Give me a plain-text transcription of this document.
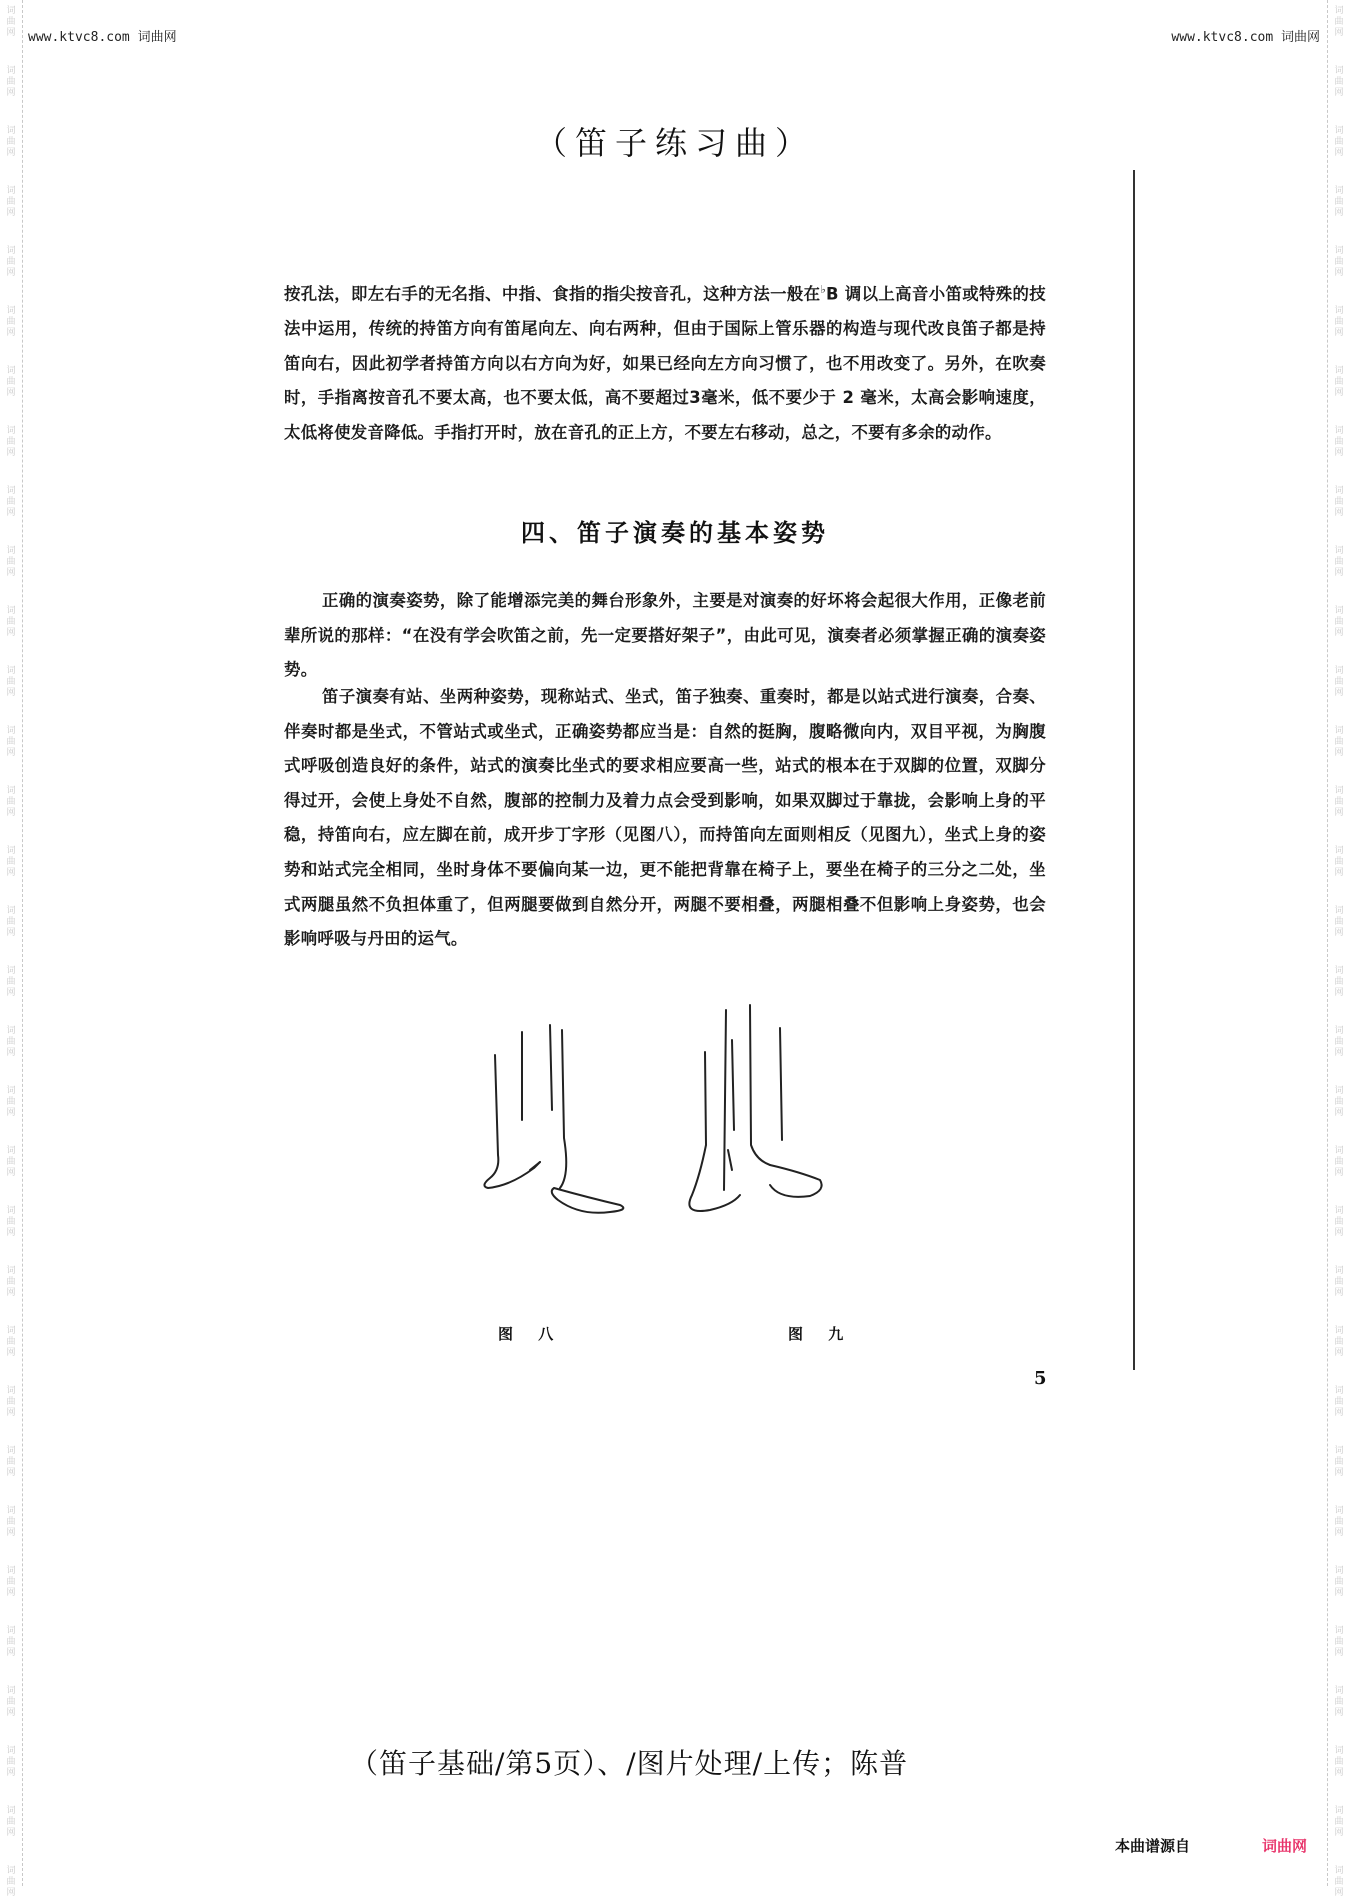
词
曲
网
词
曲
网
词
曲
网
词
曲
网
词
曲
网
词
曲
网
词
曲
网
词
曲
网
词
曲
网
词
曲
网
词
曲
网
词
曲
网
词
曲
网
词
曲
网
词
曲
网
词
曲
网
词
曲
网
词
曲
网
词
曲
网
词
曲
网
词
曲
网
词
曲
网
词
曲
网
词
曲
网
词
曲
网
词
曲
网
词
曲
网
词
曲
网
词
曲
网
词
曲
网
词
曲
网
词
曲
网
词
曲
网
词
曲
网
词
曲
网
词
曲
网
词
曲
网
词
曲
网
词
曲
网
词
曲
网
词
曲
网
词
曲
网
词
曲
网
词
曲
网
词
曲
网
词
曲
网
词
曲
网
词
曲
网
词
曲
网
词
曲
网
词
曲
网
词
曲
网
词
曲
网
词
曲
网
词
曲
网
词
曲
网
词
曲
网
词
曲
网
词
曲
网
词
曲
网
词
曲
网
词
曲
网
词
曲
网
词
曲
网
www.ktvc8.com 词曲网	www.ktvc8.com 词曲网
（笛子练习曲）
按孔法，即左右手的无名指、中指、食指的指尖按音孔，这种方法一般在♭B 调以上高音小笛或特殊的技法中运用，传统的持笛方向有笛尾向左、向右两种，但由于国际上管乐器的构造与现代改良笛子都是持笛向右，因此初学者持笛方向以右方向为好，如果已经向左方向习惯了，也不用改变了。另外，在吹奏时，手指离按音孔不要太高，也不要太低，高不要超过3毫米，低不要少于 2 毫米，太高会影响速度，太低将使发音降低。手指打开时，放在音孔的正上方，不要左右移动，总之，不要有多余的动作。
四、笛子演奏的基本姿势
正确的演奏姿势，除了能增添完美的舞台形象外，主要是对演奏的好坏将会起很大作用，正像老前辈所说的那样：“在没有学会吹笛之前，先一定要搭好架子”，由此可见，演奏者必须掌握正确的演奏姿势。
笛子演奏有站、坐两种姿势，现称站式、坐式，笛子独奏、重奏时，都是以站式进行演奏，合奏、伴奏时都是坐式，不管站式或坐式，正确姿势都应当是：自然的挺胸，腹略微向内，双目平视，为胸腹式呼吸创造良好的条件，站式的演奏比坐式的要求相应要高一些，站式的根本在于双脚的位置，双脚分得过开，会使上身处不自然，腹部的控制力及着力点会受到影响，如果双脚过于靠拢，会影响上身的平稳，持笛向右，应左脚在前，成开步丁字形（见图八），而持笛向左面则相反（见图九），坐式上身的姿势和站式完全相同，坐时身体不要偏向某一边，更不能把背靠在椅子上，要坐在椅子的三分之二处，坐式两腿虽然不负担体重了，但两腿要做到自然分开，两腿不要相叠，两腿相叠不但影响上身姿势，也会影响呼吸与丹田的运气。
图 八	图 九
5
（笛子基础/第5页）、/图片处理/上传；陈普
本曲谱源自	词曲网
